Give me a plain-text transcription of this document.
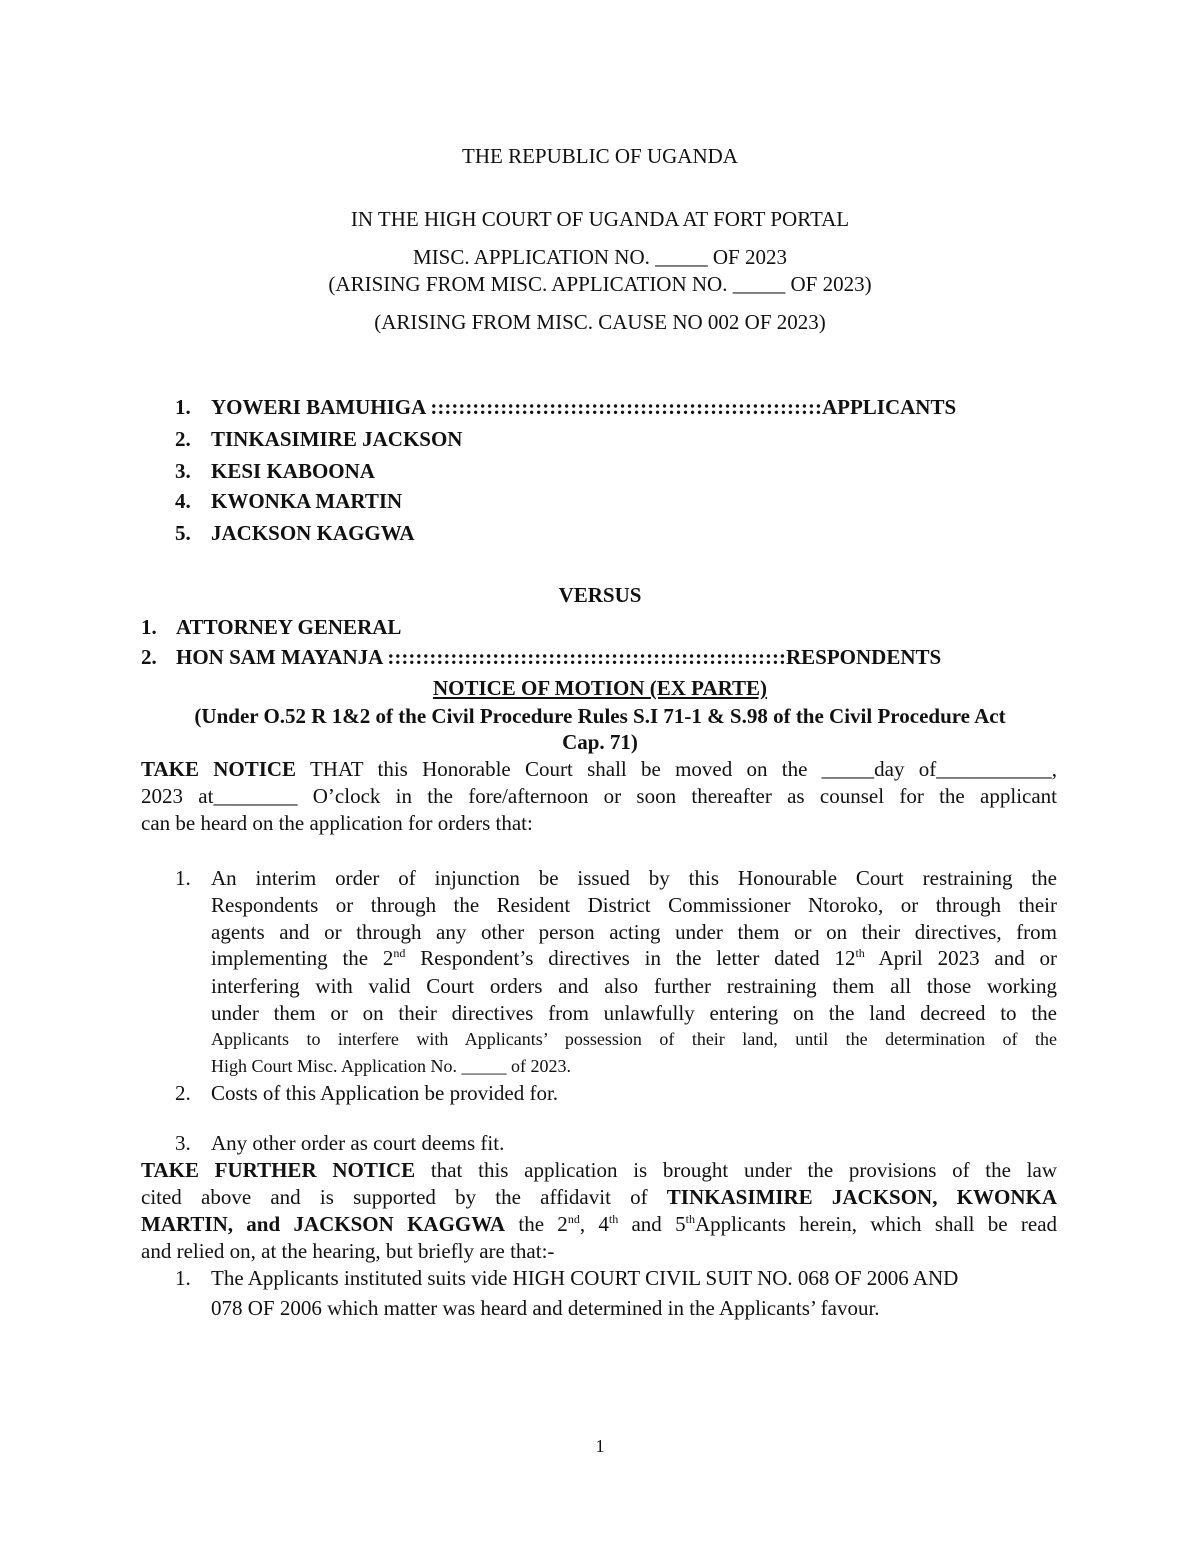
THE REPUBLIC OF UGANDA
IN THE HIGH COURT OF UGANDA AT FORT PORTAL
MISC. APPLICATION NO. _____ OF 2023
(ARISING FROM MISC. APPLICATION NO. _____ OF 2023)
(ARISING FROM MISC. CAUSE NO 002 OF 2023)
1. YOWERI BAMUHIGA ::::::::::::::::::::::::::::::::::::::::::::::::::::::::APPLICANTS
2. TINKASIMIRE JACKSON
3. KESI KABOONA
4. KWONKA MARTIN
5. JACKSON KAGGWA
VERSUS
1. ATTORNEY GENERAL
2. HON SAM MAYANJA :::::::::::::::::::::::::::::::::::::::::::::::::::::::::RESPONDENTS
NOTICE OF MOTION (EX PARTE)
(Under O.52 R 1&2 of the Civil Procedure Rules S.I 71-1 & S.98 of the Civil Procedure Act
Cap. 71)
TAKE NOTICE THAT this Honorable Court shall be moved on the _____day of___________,
2023 at________ O’clock in the fore/afternoon or soon thereafter as counsel for the applicant
can be heard on the application for orders that:
1. An interim order of injunction be issued by this Honourable Court restraining the
Respondents or through the Resident District Commissioner Ntoroko, or through their
agents and or through any other person acting under them or on their directives, from
implementing the 2nd Respondent’s directives in the letter dated 12th April 2023 and or
interfering with valid Court orders and also further restraining them all those working
under them or on their directives from unlawfully entering on the land decreed to the
Applicants to interfere with Applicants’ possession of their land, until the determination of the
High Court Misc. Application No. _____ of 2023.
2. Costs of this Application be provided for.
3. Any other order as court deems fit.
TAKE FURTHER NOTICE that this application is brought under the provisions of the law
cited above and is supported by the affidavit of TINKASIMIRE JACKSON, KWONKA
MARTIN, and JACKSON KAGGWA the 2nd, 4th and 5thApplicants herein, which shall be read
and relied on, at the hearing, but briefly are that:-
1. The Applicants instituted suits vide HIGH COURT CIVIL SUIT NO. 068 OF 2006 AND
078 OF 2006 which matter was heard and determined in the Applicants’ favour.
1
